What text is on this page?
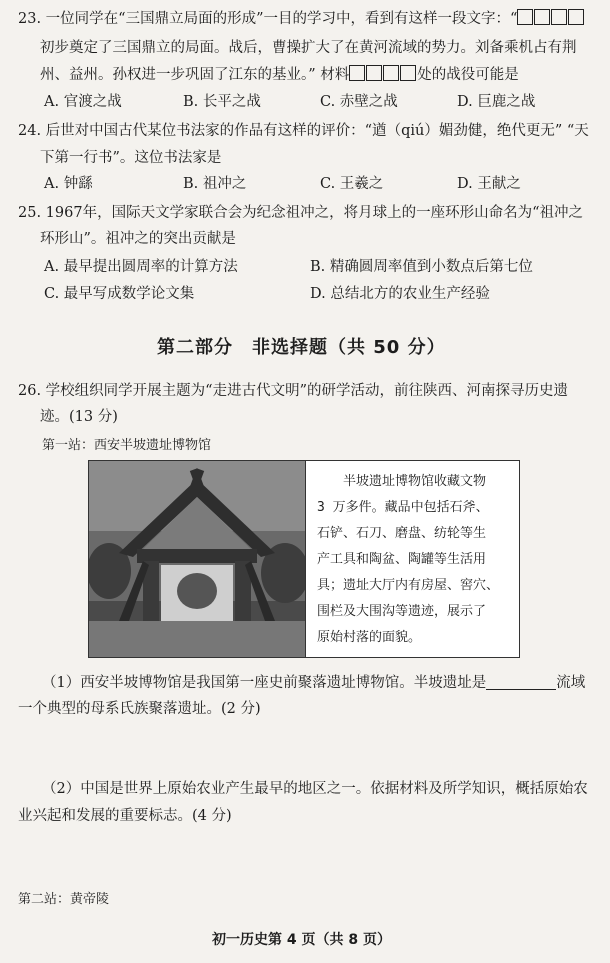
23. 一位同学在“三国鼎立局面的形成”一目的学习中，看到有这样一段文字：“
初步奠定了三国鼎立的局面。战后，曹操扩大了在黄河流域的势力。刘备乘机占有荆
州、益州。孙权进一步巩固了江东的基业。” 材料	处的战役可能是
A. 官渡之战	B. 长平之战	C. 赤壁之战	D. 巨鹿之战
24. 后世对中国古代某位书法家的作品有这样的评价：“遒（qiú）媚劲健，绝代更无” “天
下第一行书”。这位书法家是
A. 钟繇	B. 祖冲之	C. 王羲之	D. 王献之
25. 1967年，国际天文学家联合会为纪念祖冲之，将月球上的一座环形山命名为“祖冲之
环形山”。祖冲之的突出贡献是
A. 最早提出圆周率的计算方法	B. 精确圆周率值到小数点后第七位
C. 最早写成数学论文集	D. 总结北方的农业生产经验
第二部分　非选择题（共 50 分）
26. 学校组织同学开展主题为“走进古代文明”的研学活动，前往陕西、河南探寻历史遗
迹。(13 分)
第一站：西安半坡遗址博物馆
半坡遗址博物馆收藏文物
3 万多件。藏品中包括石斧、
石铲、石刀、磨盘、纺轮等生
产工具和陶盆、陶罐等生活用
具；遗址大厅内有房屋、窖穴、
围栏及大围沟等遗迹，展示了
原始村落的面貌。
（1）西安半坡博物馆是我国第一座史前聚落遗址博物馆。半坡遗址是	流域
一个典型的母系氏族聚落遗址。(2 分)
（2）中国是世界上原始农业产生最早的地区之一。依据材料及所学知识，概括原始农
业兴起和发展的重要标志。(4 分)
第二站：黄帝陵
初一历史第 4 页（共 8 页）
